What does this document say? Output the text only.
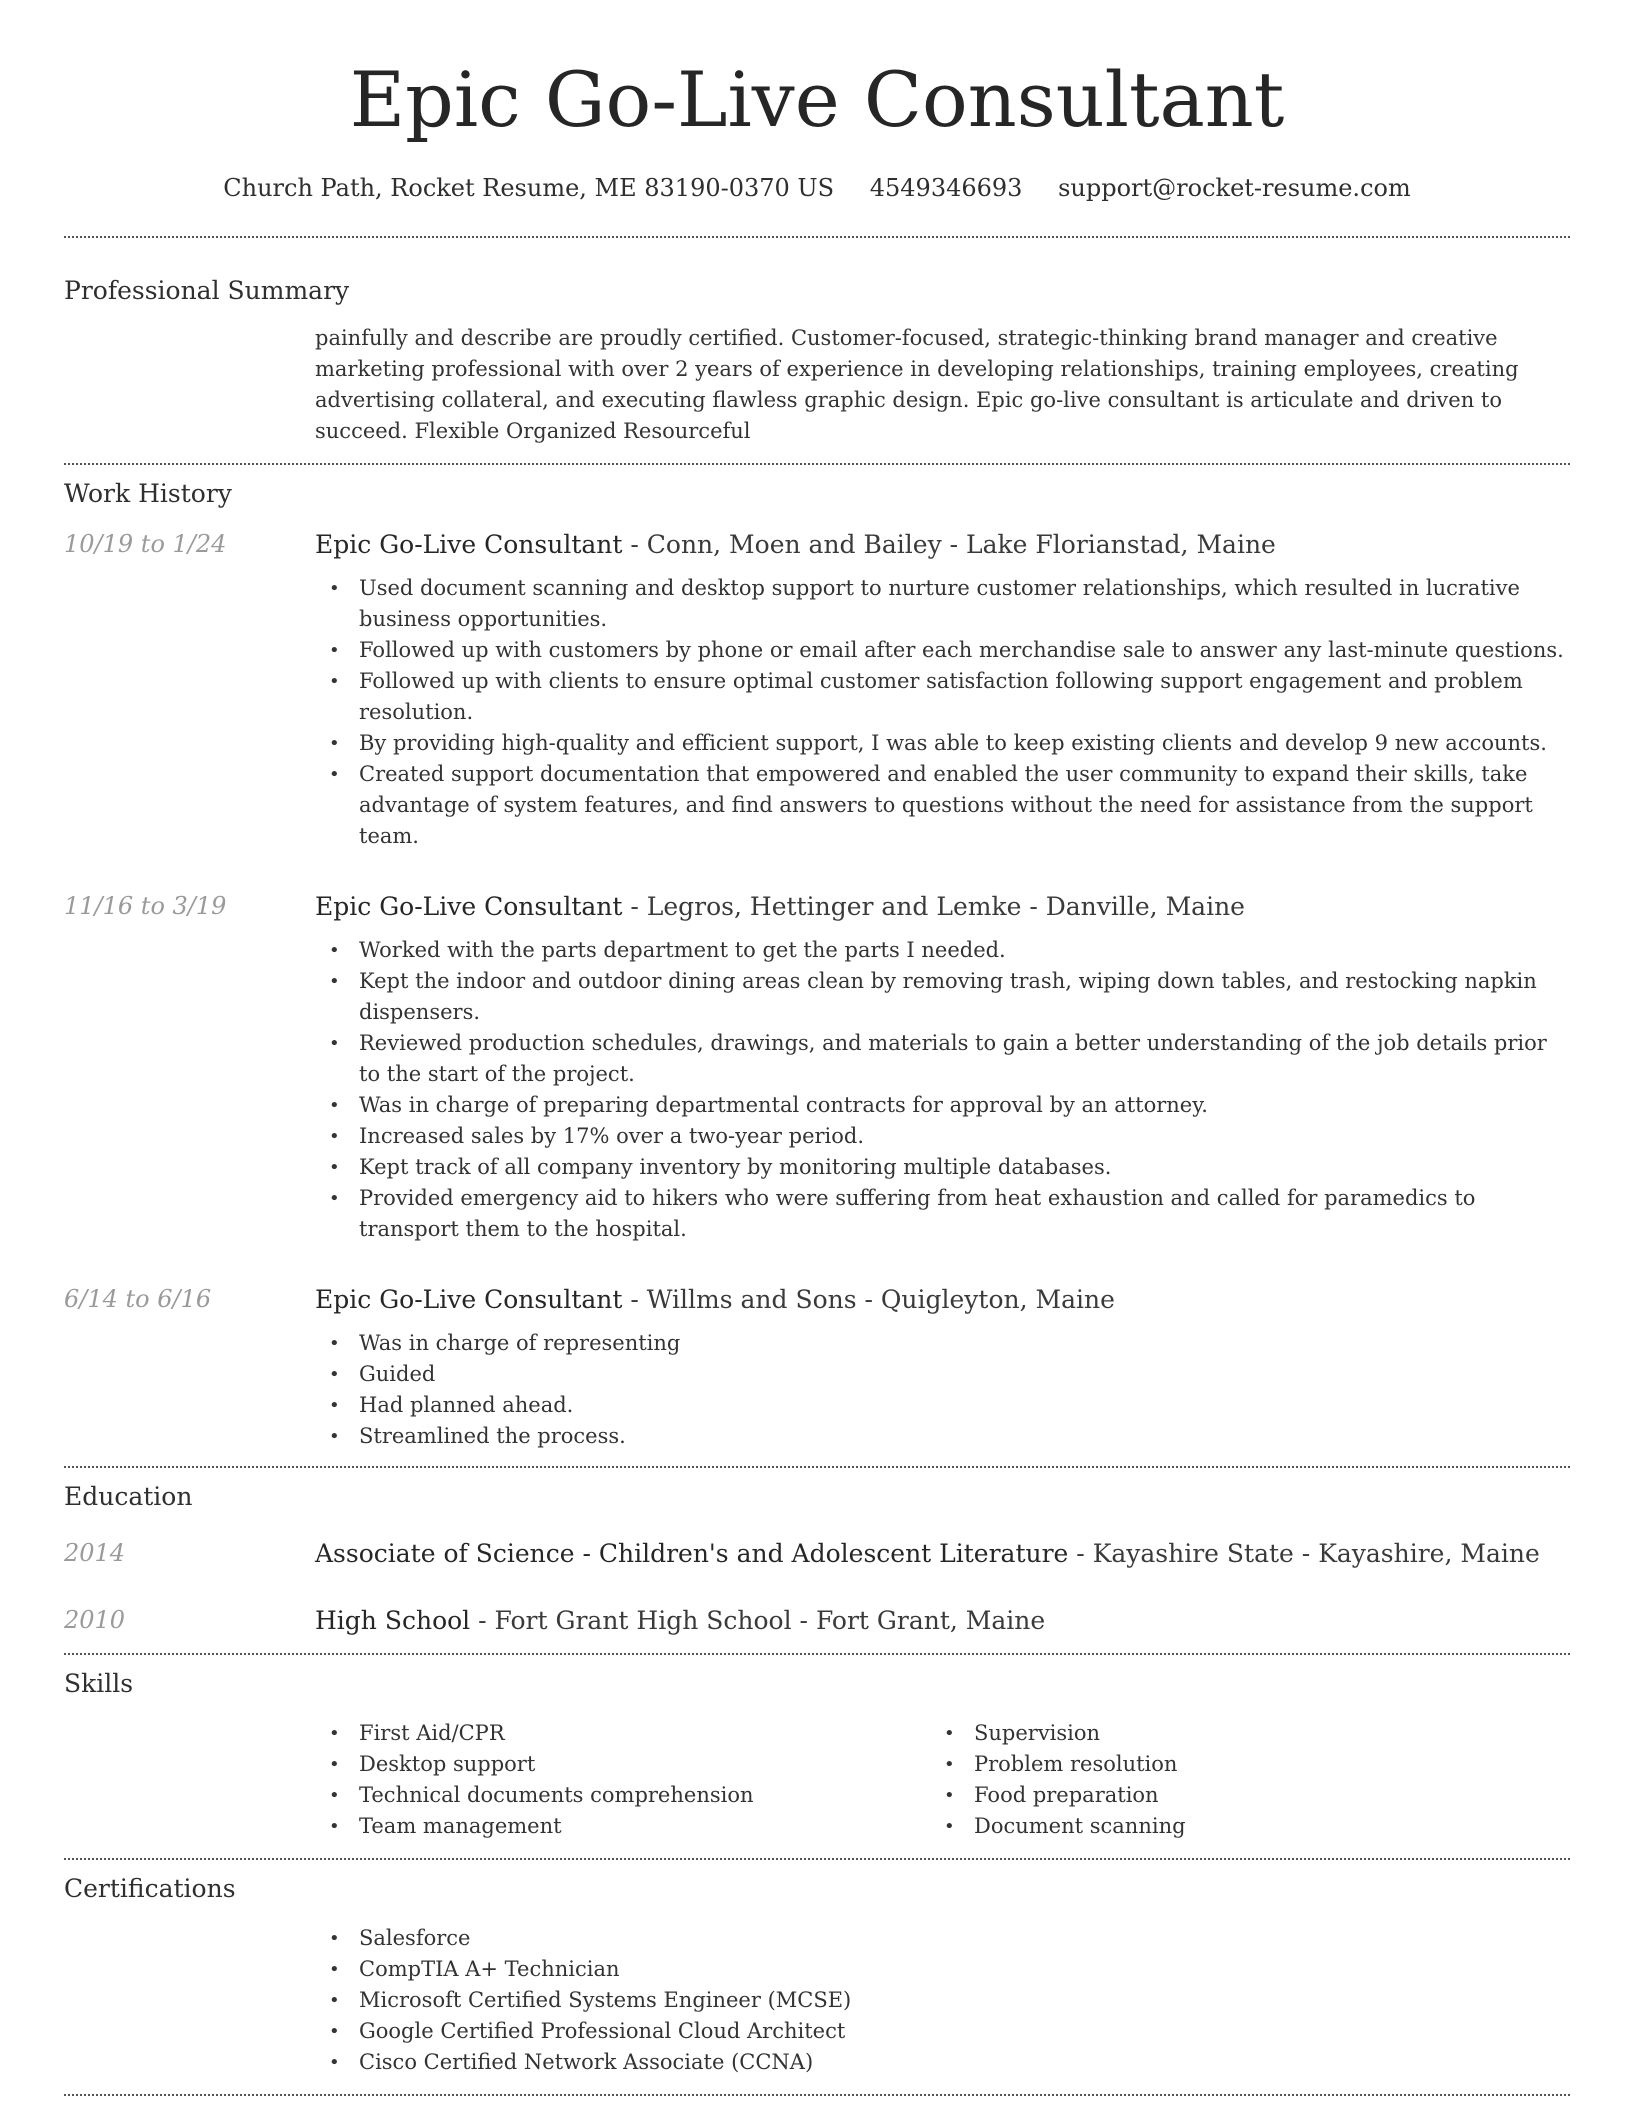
Epic Go-Live Consultant
Church Path, Rocket Resume, ME 83190-0370 US 4549346693 support@rocket-resume.com
Professional Summary
painfully and describe are proudly certified. Customer-focused, strategic-thinking brand manager and creative marketing professional with over 2 years of experience in developing relationships, training employees, creating advertising collateral, and executing flawless graphic design. Epic go-live consultant is articulate and driven to succeed. Flexible Organized Resourceful
Work History
10/19 to 1/24	Epic Go-Live Consultant - Conn, Moen and Bailey - Lake Florianstad, Maine
• Used document scanning and desktop support to nurture customer relationships, which resulted in lucrative business opportunities.
• Followed up with customers by phone or email after each merchandise sale to answer any last-minute questions.
• Followed up with clients to ensure optimal customer satisfaction following support engagement and problem resolution.
• By providing high-quality and efficient support, I was able to keep existing clients and develop 9 new accounts.
• Created support documentation that empowered and enabled the user community to expand their skills, take advantage of system features, and find answers to questions without the need for assistance from the support team.
11/16 to 3/19	Epic Go-Live Consultant - Legros, Hettinger and Lemke - Danville, Maine
• Worked with the parts department to get the parts I needed.
• Kept the indoor and outdoor dining areas clean by removing trash, wiping down tables, and restocking napkin dispensers.
• Reviewed production schedules, drawings, and materials to gain a better understanding of the job details prior to the start of the project.
• Was in charge of preparing departmental contracts for approval by an attorney.
• Increased sales by 17% over a two-year period.
• Kept track of all company inventory by monitoring multiple databases.
• Provided emergency aid to hikers who were suffering from heat exhaustion and called for paramedics to transport them to the hospital.
6/14 to 6/16	Epic Go-Live Consultant - Willms and Sons - Quigleyton, Maine
• Was in charge of representing
• Guided
• Had planned ahead.
• Streamlined the process.
Education
2014	Associate of Science - Children's and Adolescent Literature - Kayashire State - Kayashire, Maine
2010	High School - Fort Grant High School - Fort Grant, Maine
Skills
• First Aid/CPR
• Desktop support
• Technical documents comprehension
• Team management
• Supervision
• Problem resolution
• Food preparation
• Document scanning
Certifications
• Salesforce
• CompTIA A+ Technician
• Microsoft Certified Systems Engineer (MCSE)
• Google Certified Professional Cloud Architect
• Cisco Certified Network Associate (CCNA)
